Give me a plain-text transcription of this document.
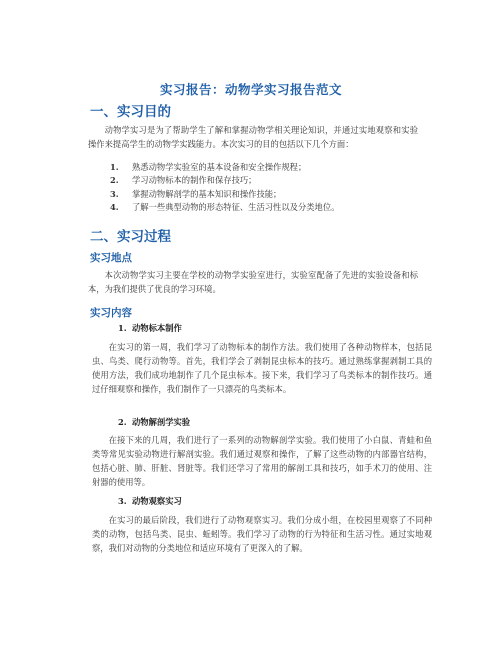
实习报告：动物学实习报告范文
一、实习目的

动物学实习是为了帮助学生了解和掌握动物学相关理论知识，并通过实地观察和实验操作来提高学生的动物学实践能力。本次实习的目的包括以下几个方面：

1. 熟悉动物学实验室的基本设备和安全操作规程；
2. 学习动物标本的制作和保存技巧；
3. 掌握动物解剖学的基本知识和操作技能；
4. 了解一些典型动物的形态特征、生活习性以及分类地位。
二、实习过程
实习地点

本次动物学实习主要在学校的动物学实验室进行，实验室配备了先进的实验设备和标本，为我们提供了优良的学习环境。

实习内容
1. 动物标本制作

在实习的第一周，我们学习了动物标本的制作方法。我们使用了各种动物样本，包括昆虫、鸟类、爬行动物等。首先，我们学会了剥制昆虫标本的技巧。通过熟练掌握剥制工具的使用方法，我们成功地制作了几个昆虫标本。接下来，我们学习了鸟类标本的制作技巧。通过仔细观察和操作，我们制作了一只漂亮的鸟类标本。

2. 动物解剖学实验

在接下来的几周，我们进行了一系列的动物解剖学实验。我们使用了小白鼠、青蛙和鱼类等常见实验动物进行解剖实验。我们通过观察和操作，了解了这些动物的内部器官结构，包括心脏、肺、肝脏、肾脏等。我们还学习了常用的解剖工具和技巧，如手术刀的使用、注射器的使用等。

3. 动物观察实习

在实习的最后阶段，我们进行了动物观察实习。我们分成小组，在校园里观察了不同种类的动物，包括鸟类、昆虫、蚯蚓等。我们学习了动物的行为特征和生活习性。通过实地观察，我们对动物的分类地位和适应环境有了更深入的了解。
